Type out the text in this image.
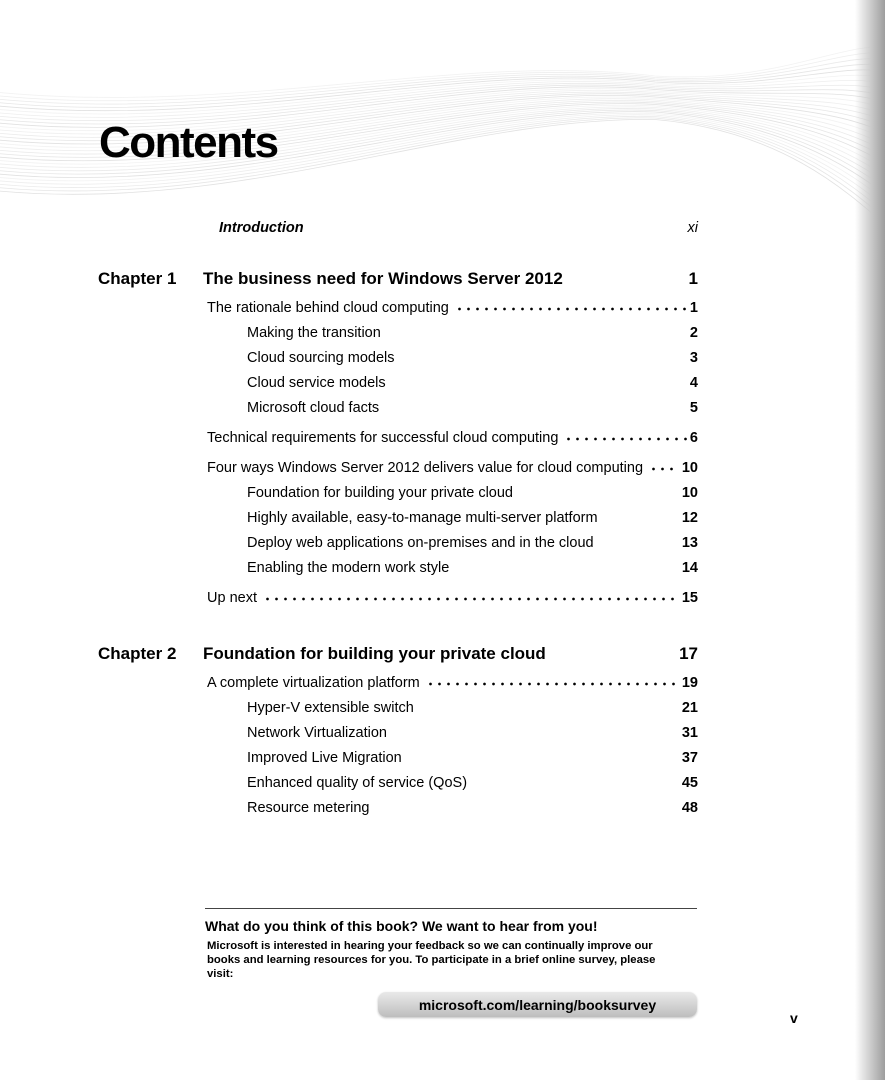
Contents
Introduction	xi
Chapter 1	The business need for Windows Server 2012	1
The rationale behind cloud computing	1
Making the transition	2
Cloud sourcing models	3
Cloud service models	4
Microsoft cloud facts	5
Technical requirements for successful cloud computing	6
Four ways Windows Server 2012 delivers value for cloud computing	10
Foundation for building your private cloud	10
Highly available, easy-to-manage multi-server platform	12
Deploy web applications on-premises and in the cloud	13
Enabling the modern work style	14
Up next	15
Chapter 2	Foundation for building your private cloud	17
A complete virtualization platform	19
Hyper-V extensible switch	21
Network Virtualization	31
Improved Live Migration	37
Enhanced quality of service (QoS)	45
Resource metering	48
What do you think of this book? We want to hear from you!

Microsoft is interested in hearing your feedback so we can continually improve our books and learning resources for you. To participate in a brief online survey, please visit:

microsoft.com/learning/booksurvey
v
